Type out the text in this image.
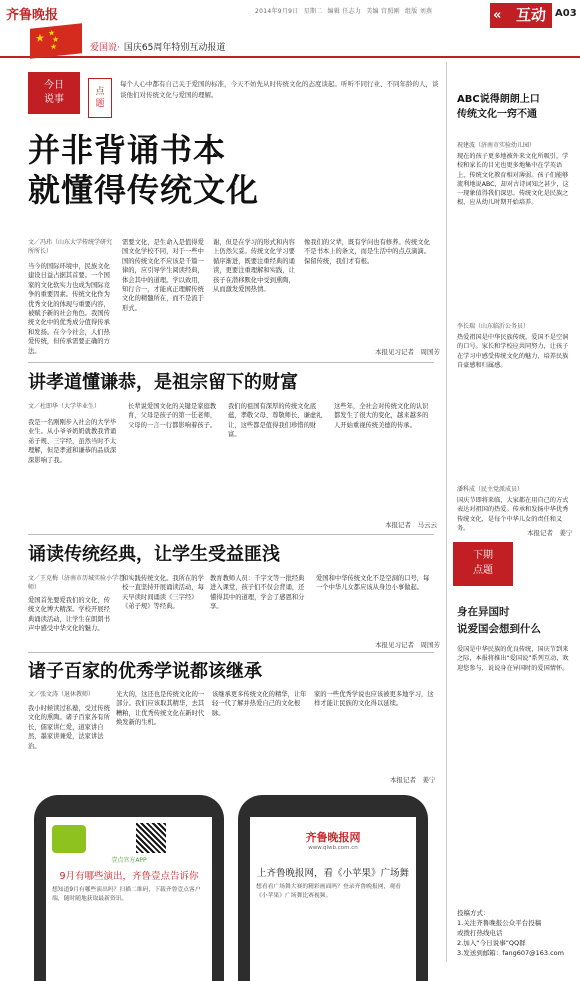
齐鲁晚报	2014年9月9日 星期二 编辑 任志力 美编 宫照刚 组版 刘燕	« 互动 A03
★ ★
★
★	爱国说· 国庆65周年特别互动报道
今日
说事
点
题
每个人心中都有自己关于爱国的标准，今天不妨先从时传统文化的态度谈起。听听不同行业、不同年龄的人，谈谈他们对传统文化与爱国的理解。
并非背诵书本
就懂得传统文化
文／冯玮（山东大学传统学研究所所长）
当今的国际环境中，民族文化建设日益占据其首要。一个国家的文化软实力也成为国际竞争的重要因素。传统文化作为优秀文化的体现与重要内容，被赋予新的社会角色。我国传统文化中的优秀成分值得传承和发扬。在今今社会，人们热爱传统，但传承需要正确的方法。
需要文化，是生命入是值得爱国文化学校不同，对于一些中国的传统文化不应该是千篇一律的，应引导学生阅读经典，体会其中的道理。学以致用，知行合一，才能真正理解传统文化的精髓所在，而不是流于形式。
谢，但是在学习的形式和内容上仍然欠妥。传统文化学习要循序渐进，既要注重经典的诵读，更要注重理解和实践，让孩子在潜移默化中受到熏陶，从而激发爱国热情。
像我们的父辈，既有学问也有修养。传统文化不是书本上的条文，而是生活中的点点滴滴。保留传统，我们才有根。
本报见习记者　周国芳
讲孝道懂谦恭，是祖宗留下的财富
文／杜即华（大学毕业生）
我是一名刚刚步入社会的大学毕业生。从小爷爷奶奶就教我背诵弟子规、三字经，虽然当时不太理解，但是孝道和谦恭的品质深深影响了我。
长辈说爱国文化的关键是家庭教育，父母是孩子的第一任老师，父母的一言一行都影响着孩子。
我们的祖国有深厚的传统文化底蕴，孝敬父母、尊敬师长、谦虚礼让，这些都是值得我们珍惜的财富。
这些年，全社会对传统文化的认识都发生了很大的变化，越来越多的人开始重视传统美德的传承。
本报记者　马云云
诵读传统经典，让学生受益匪浅
文／王克梅（济南市历城实验小学老师）
爱国首先要爱我们的文化，传统文化博大精深。学校开展经典诵读活动，让学生在朗朗书声中感受中华文化的魅力。
和实践传统文化。我所在的学校一直坚持开展诵读活动，每天早读时间诵读《三字经》《弟子规》等经典。
教育教师人员：千字文等一批经典进入课堂，孩子们不仅会背诵，还懂得其中的道理，学会了感恩和分享。
爱国和中华传统文化不是空洞的口号，每一个中华儿女都应该从身边小事做起。
本报见习记者　周国芳
诸子百家的优秀学说都该继承
文／张文涛（退休教师）
我小时候读过私塾，受过传统文化的熏陶。诸子百家各有所长，儒家讲仁爱，道家讲自然，墨家讲兼爱，法家讲法治。
光大的，这还也是传统文化的一部分。我们应该取其精华，去其糟粕，让优秀传统文化在新时代焕发新的生机。
该继承更多传统文化的精华，让年轻一代了解并热爱自己的文化根脉。
家的一些优秀学说也应该被更多地学习，这样才能让民族的文化得以延续。
本报记者　姜宁
ABC说得朗朗上口
传统文化一窍不通
祝建波（济南市实验幼儿园）
现在的孩子更多地被外来文化所吸引，学校和家长的目光也更多地集中在学英语上，传统文化教育相对薄弱。孩子们能够流利地说ABC，却对古诗词知之甚少，这一现象值得我们深思。传统文化是民族之根，应从幼儿时期开始培养。
李长瑞（山东临沂公务员）
热爱祖国是中华民族传统，爱国不是空洞的口号。家长和学校应共同努力，让孩子在学习中感受传统文化的魅力，培养民族自豪感和归属感。
潘科成（民主党派成员）
国庆节即将来临，大家都在用自己的方式表达对祖国的热爱。传承和发扬中华优秀传统文化，是每个中华儿女的责任和义务。
本报记者　姜宁
下期
点题
身在异国时
说爱国会想到什么
爱国是中华民族的优良传统，国庆节到来之际，本报将推出“爱国说”系列互动，欢迎您参与，说说身在异国时的爱国情怀。
投稿方式：
1.关注齐鲁晚报公众平台投稿
或拨打热线电话
2.加入“今日说事”QQ群
3.发送到邮箱：fang607@163.com
壹点官方APP
9月有哪些演出，齐鲁壹点告诉你
想知道9月有哪些演出吗？扫描二维码，下载齐鲁壹点客户端，随时随地获取最新资讯。
齐鲁晚报网
www.qlwb.com.cn
上齐鲁晚报网，看《小苹果》广场舞
想看看广场舞大赛的精彩画面吗？登录齐鲁晚报网，观看《小苹果》广场舞比赛视频。
